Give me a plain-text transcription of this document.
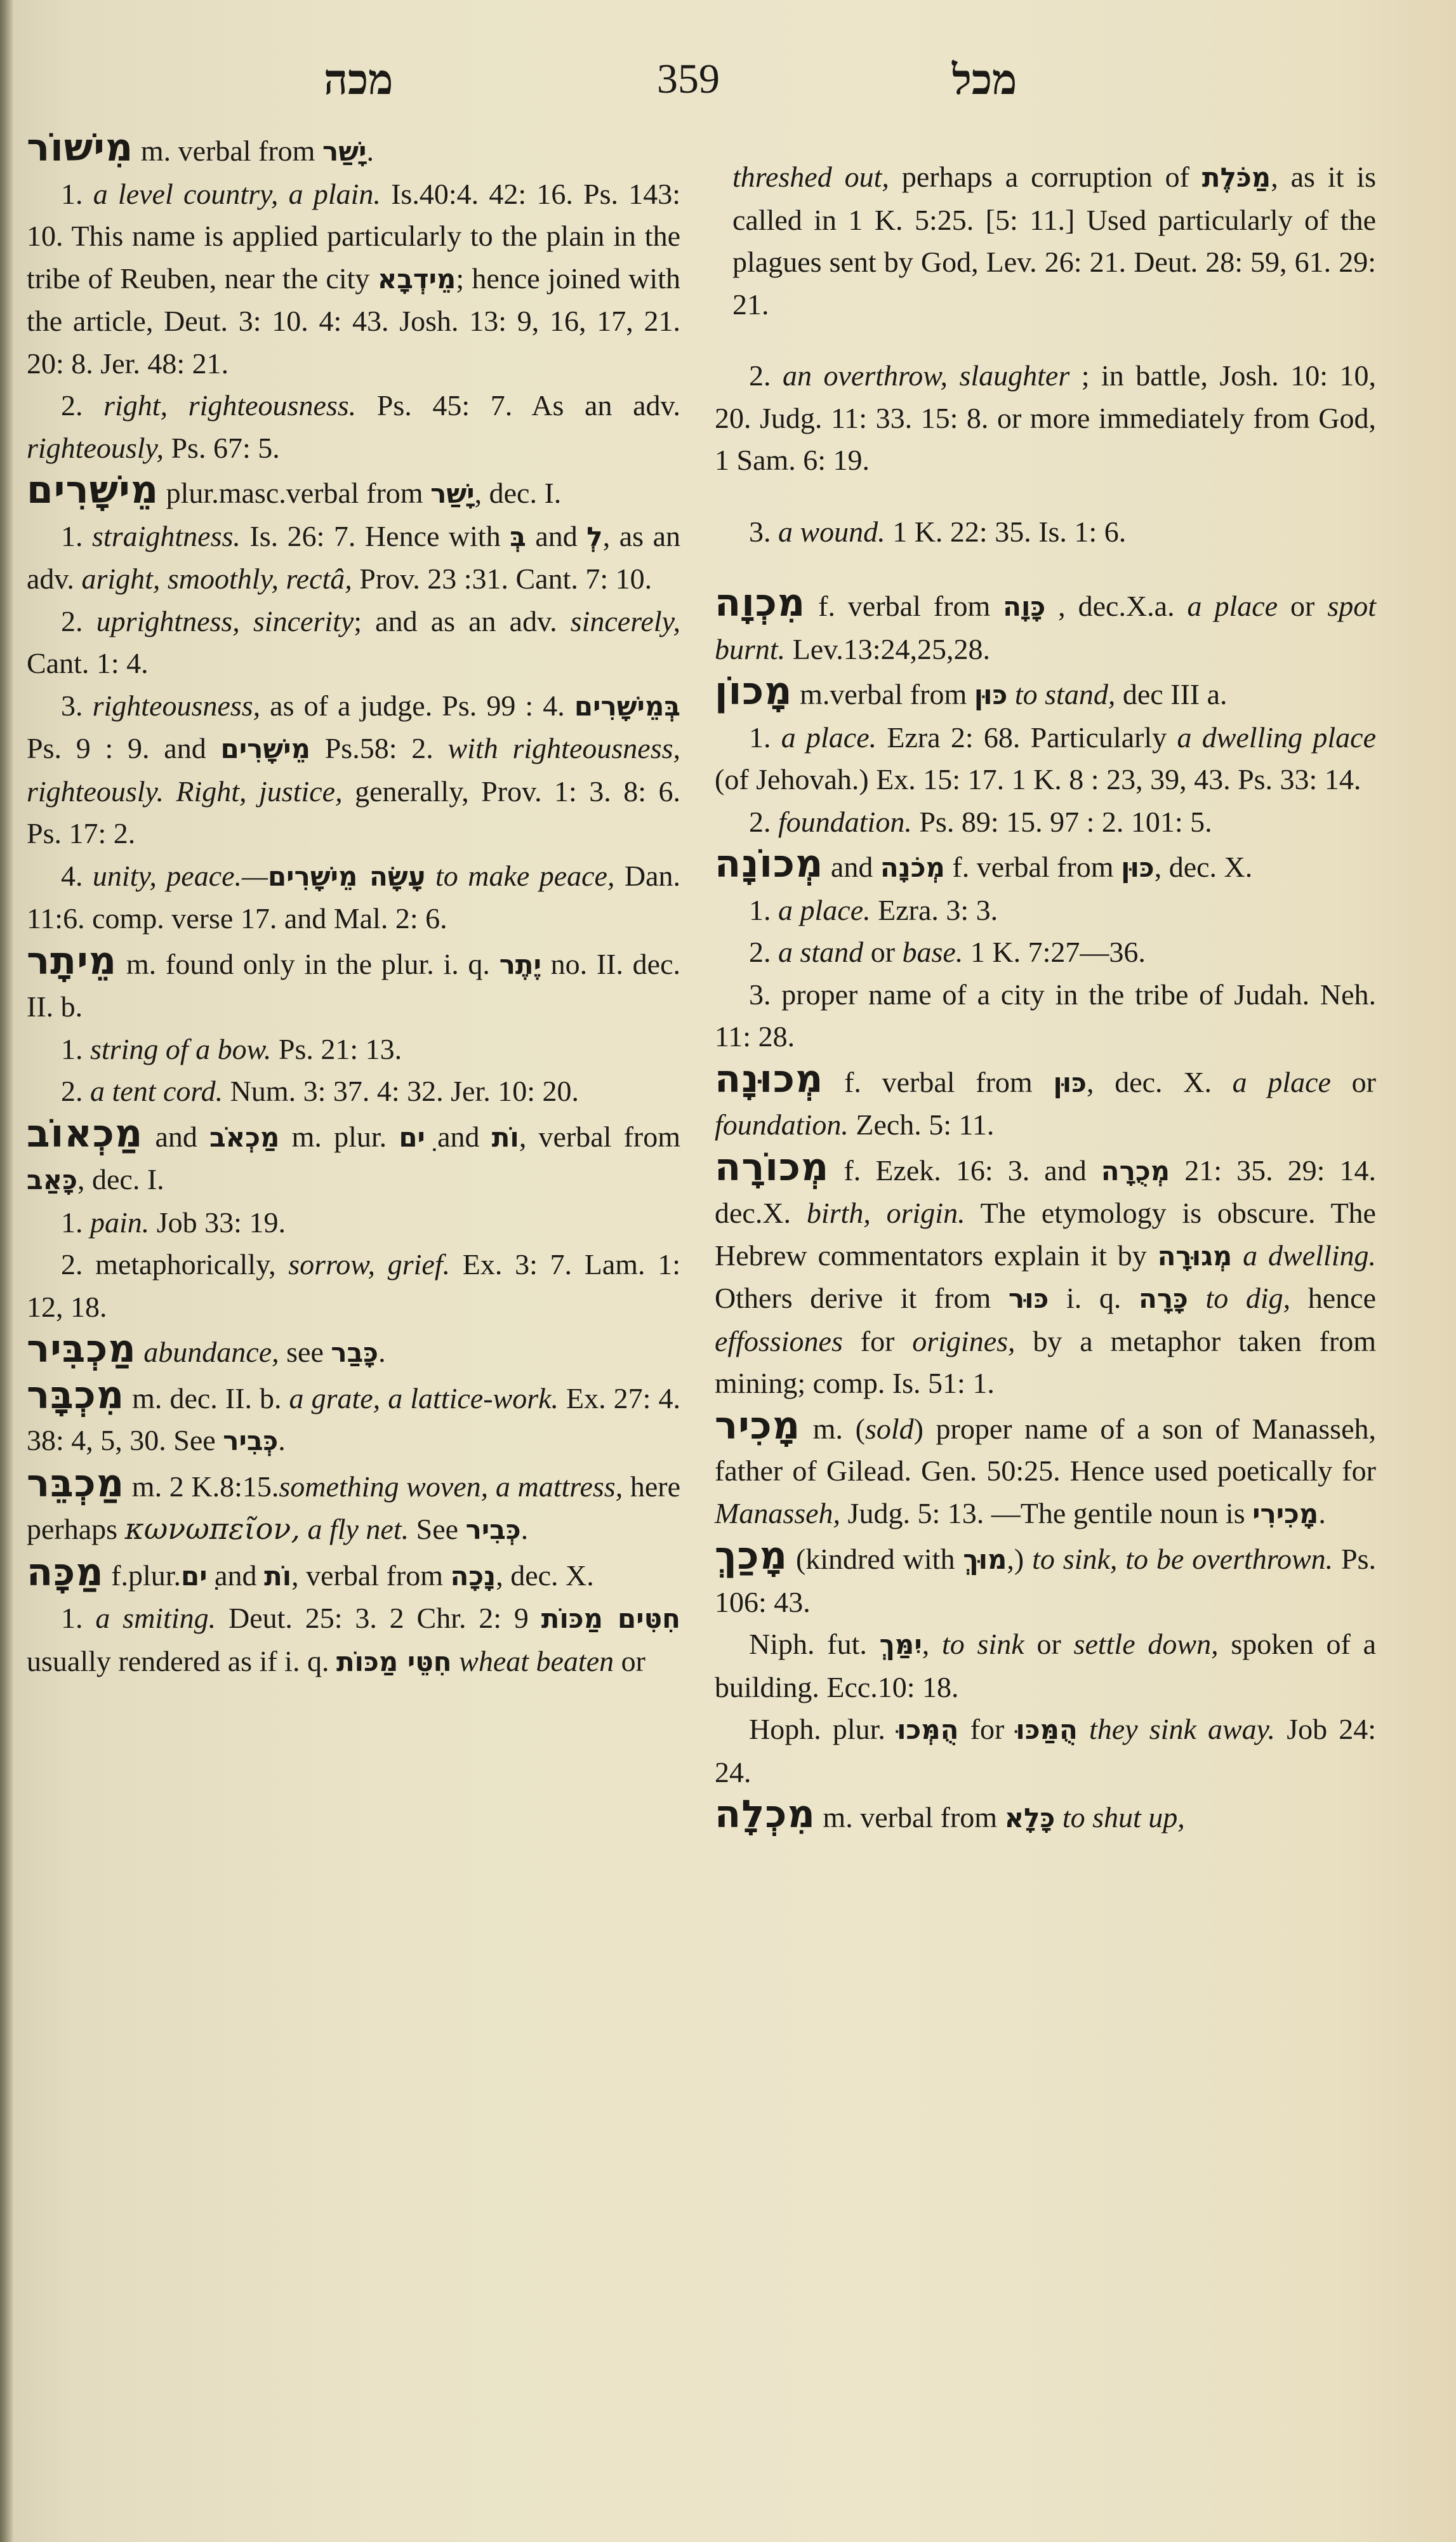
מכה	359	מכל

מִישׁוֹר m. verbal from יָשַׁר.

1. a level country, a plain. Is.40:4. 42: 16. Ps. 143: 10. This name is applied particularly to the plain in the tribe of Reuben, near the city מֵידְבָא; hence joined with the article, Deut. 3: 10. 4: 43. Josh. 13: 9, 16, 17, 21. 20: 8. Jer. 48: 21.

2. right, righteousness. Ps. 45: 7. As an adv. righteously, Ps. 67: 5.

מֵישָׁרִים plur.masc.verbal from יָשַׁר, dec. I.

1. straightness. Is. 26: 7. Hence with בְּ and לְ, as an adv. aright, smoothly, rectâ, Prov. 23 :31. Cant. 7: 10.

2. uprightness, sincerity; and as an adv. sincerely, Cant. 1: 4.

3. righteousness, as of a judge. Ps. 99 : 4. בְּמֵישָׁרִים Ps. 9 : 9. and מֵישָׁרִים Ps.58: 2. with righteousness, righteously. Right, justice, generally, Prov. 1: 3. 8: 6. Ps. 17: 2.

4. unity, peace.—עָשָׂה מֵישָׁרִים to make peace, Dan. 11:6. comp. verse 17. and Mal. 2: 6.

מֵיתָר m. found only in the plur. i. q. יֶתֶר no. II. dec. II. b.

1. string of a bow. Ps. 21: 13.

2. a tent cord. Num. 3: 37. 4: 32. Jer. 10: 20.

מַכְאוֹב and מַכְאֹב m. plur. ִים and וֹת, verbal from כָּאַב, dec. I.

1. pain. Job 33: 19.

2. metaphorically, sorrow, grief. Ex. 3: 7. Lam. 1: 12, 18.

מַכְבִּיר abundance, see כָּבַר.

מִכְבָּר m. dec. II. b. a grate, a lattice-work. Ex. 27: 4. 38: 4, 5, 30. See כְּבִיר.

מַכְבֵּר m. 2 K.8:15.something woven, a mattress, here perhaps κωνωπεῖον, a fly net. See כְּבִיר.

מַכָּה f.plur.ִים and וֹת, verbal from נָכָה, dec. X.

1. a smiting. Deut. 25: 3. 2 Chr. 2: 9 חִטִּים מַכּוֹת usually rendered as if i. q. חִטֵּי מַכּוֹת wheat beaten or

threshed out, perhaps a corruption of מַכֹּלֶת, as it is called in 1 K. 5:25. [5: 11.] Used particularly of the plagues sent by God, Lev. 26: 21. Deut. 28: 59, 61. 29: 21.

2. an overthrow, slaughter ; in battle, Josh. 10: 10, 20. Judg. 11: 33. 15: 8. or more immediately from God, 1 Sam. 6: 19.

3. a wound. 1 K. 22: 35. Is. 1: 6.

מִכְוָה f. verbal from כָּוָה , dec.X.a. a place or spot burnt. Lev.13:24,25,28.

מָכוֹן m.verbal from כּוּן to stand, dec III a.

1. a place. Ezra 2: 68. Particularly a dwelling place (of Jehovah.) Ex. 15: 17. 1 K. 8 : 23, 39, 43. Ps. 33: 14.

2. foundation. Ps. 89: 15. 97 : 2. 101: 5.

מְכוֹנָה and מְכֹנָה f. verbal from כּוּן, dec. X.

1. a place. Ezra. 3: 3.

2. a stand or base. 1 K. 7:27—36.

3. proper name of a city in the tribe of Judah. Neh. 11: 28.

מְכוּנָה f. verbal from כּוּן, dec. X. a place or foundation. Zech. 5: 11.

מְכוֹרָה f. Ezek. 16: 3. and מְכֻרָה 21: 35. 29: 14. dec.X. birth, origin. The etymology is obscure. The Hebrew commentators explain it by מְגוּרָה a dwelling. Others derive it from כּוּר i. q. כָּרָה to dig, hence effossiones for origines, by a metaphor taken from mining; comp. Is. 51: 1.

מָכִיר m. (sold) proper name of a son of Manasseh, father of Gilead. Gen. 50:25. Hence used poetically for Manasseh, Judg. 5: 13. —The gentile noun is מָכִירִי.

מָכַךְ (kindred with מוּךְ,) to sink, to be overthrown. Ps. 106: 43.

Niph. fut. יִמַּךְ, to sink or settle down, spoken of a building. Ecc.10: 18.

Hoph. plur. הֻמְּכוּ for הֻמַּכּוּ they sink away. Job 24: 24.

מִכְלָה m. verbal from כָּלָא to shut up,
